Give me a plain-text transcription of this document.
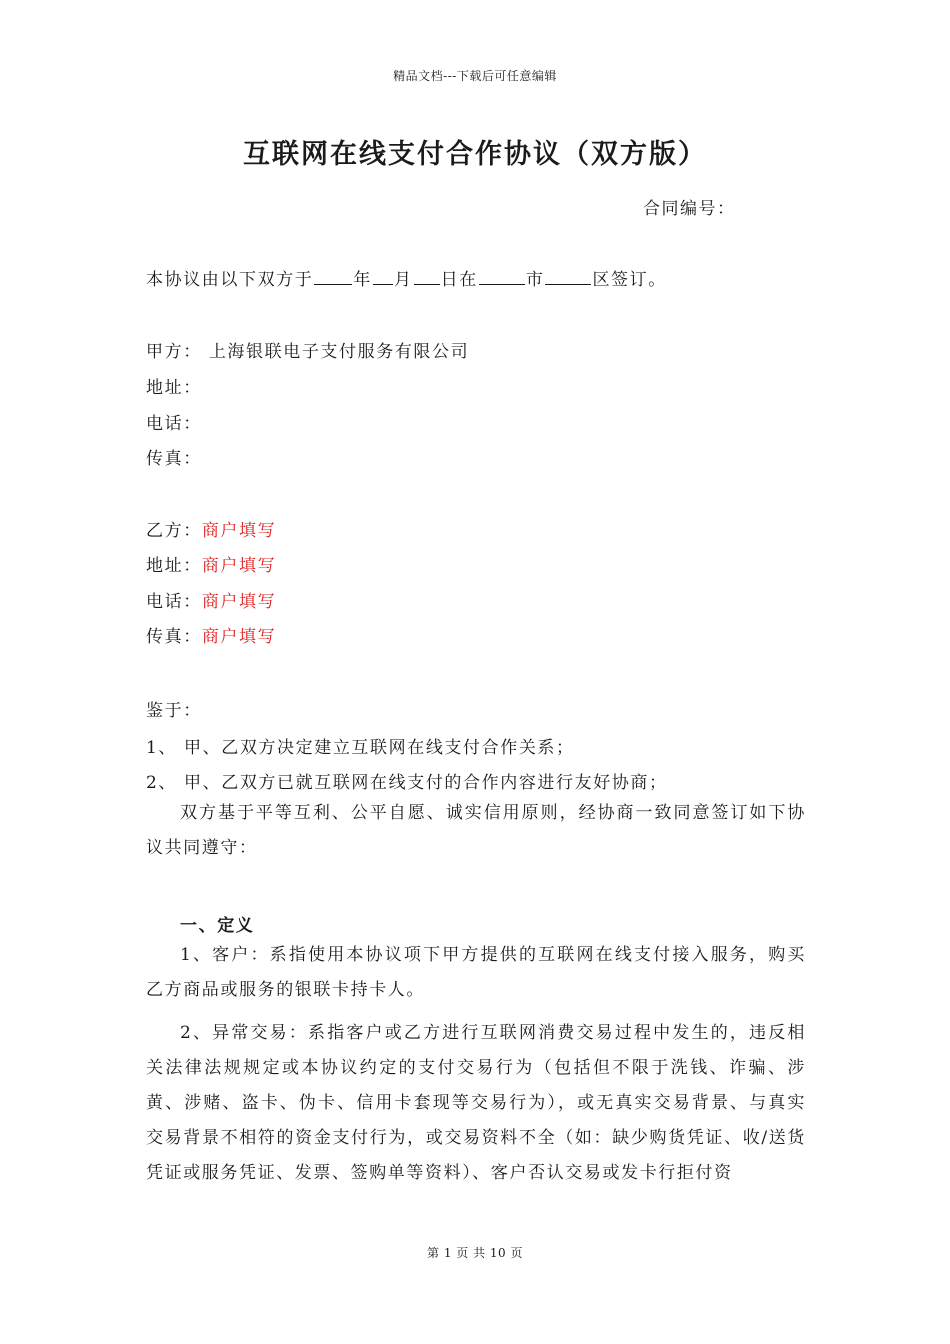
精品文档---下载后可任意编辑
互联网在线支付合作协议（双方版）
合同编号：
本协议由以下双方于 年 月 日在	市	区签订。
甲方： 上海银联电子支付服务有限公司
地址：
电话：
传真：
乙方：商户填写
地址：商户填写
电话：商户填写
传真：商户填写
鉴于：
1、 甲、乙双方决定建立互联网在线支付合作关系；
2、 甲、乙双方已就互联网在线支付的合作内容进行友好协商；
双方基于平等互利、公平自愿、诚实信用原则，经协商一致同意签订如下协议共同遵守：
一、定义
1、客户：系指使用本协议项下甲方提供的互联网在线支付接入服务，购买乙方商品或服务的银联卡持卡人。
2、异常交易：系指客户或乙方进行互联网消费交易过程中发生的，违反相关法律法规规定或本协议约定的支付交易行为（包括但不限于洗钱、诈骗、涉黄、涉赌、盗卡、伪卡、信用卡套现等交易行为），或无真实交易背景、与真实交易背景不相符的资金支付行为，或交易资料不全（如：缺少购货凭证、收/送货凭证或服务凭证、发票、签购单等资料）、客户否认交易或发卡行拒付资
第 1 页 共 10 页
